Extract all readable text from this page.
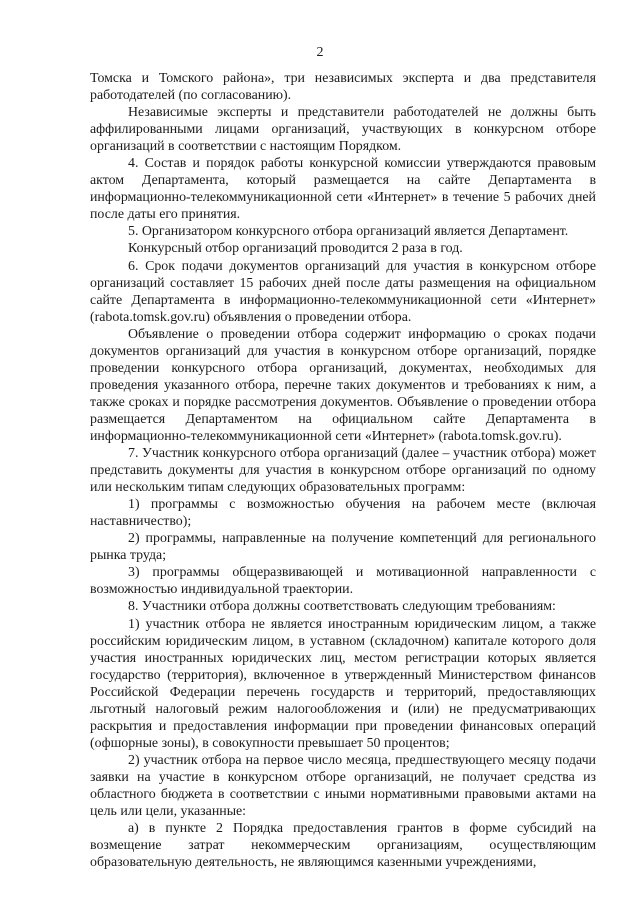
2

Томска и Томского района», три независимых эксперта и два представителя работодателей (по согласованию).

Независимые эксперты и представители работодателей не должны быть аффилированными лицами организаций, участвующих в конкурсном отборе организаций в соответствии с настоящим Порядком.

4. Состав и порядок работы конкурсной комиссии утверждаются правовым актом Департамента, который размещается на сайте Департамента в информационно-телекоммуникационной сети «Интернет» в течение 5 рабочих дней после даты его принятия.

5. Организатором конкурсного отбора организаций является Департамент.

Конкурсный отбор организаций проводится 2 раза в год.

6. Срок подачи документов организаций для участия в конкурсном отборе организаций составляет 15 рабочих дней после даты размещения на официальном сайте Департамента в информационно-телекоммуникационной сети «Интернет» (rabota.tomsk.gov.ru) объявления о проведении отбора.

Объявление о проведении отбора содержит информацию о сроках подачи документов организаций для участия в конкурсном отборе организаций, порядке проведении конкурсного отбора организаций, документах, необходимых для проведения указанного отбора, перечне таких документов и требованиях к ним, а также сроках и порядке рассмотрения документов. Объявление о проведении отбора размещается Департаментом на официальном сайте Департамента в информационно-телекоммуникационной сети «Интернет» (rabota.tomsk.gov.ru).

7. Участник конкурсного отбора организаций (далее – участник отбора) может представить документы для участия в конкурсном отборе организаций по одному или нескольким типам следующих образовательных программ:

1) программы с возможностью обучения на рабочем месте (включая наставничество);

2) программы, направленные на получение компетенций для регионального рынка труда;

3) программы общеразвивающей и мотивационной направленности с возможностью индивидуальной траектории.

8. Участники отбора должны соответствовать следующим требованиям:

1) участник отбора не является иностранным юридическим лицом, а также российским юридическим лицом, в уставном (складочном) капитале которого доля участия иностранных юридических лиц, местом регистрации которых является государство (территория), включенное в утвержденный Министерством финансов Российской Федерации перечень государств и территорий, предоставляющих льготный налоговый режим налогообложения и (или) не предусматривающих раскрытия и предоставления информации при проведении финансовых операций (офшорные зоны), в совокупности превышает 50 процентов;

2) участник отбора на первое число месяца, предшествующего месяцу подачи заявки на участие в конкурсном отборе организаций, не получает средства из областного бюджета в соответствии с иными нормативными правовыми актами на цель или цели, указанные:

а) в пункте 2 Порядка предоставления грантов в форме субсидий на возмещение затрат некоммерческим организациям, осуществляющим образовательную деятельность, не являющимся казенными учреждениями,
